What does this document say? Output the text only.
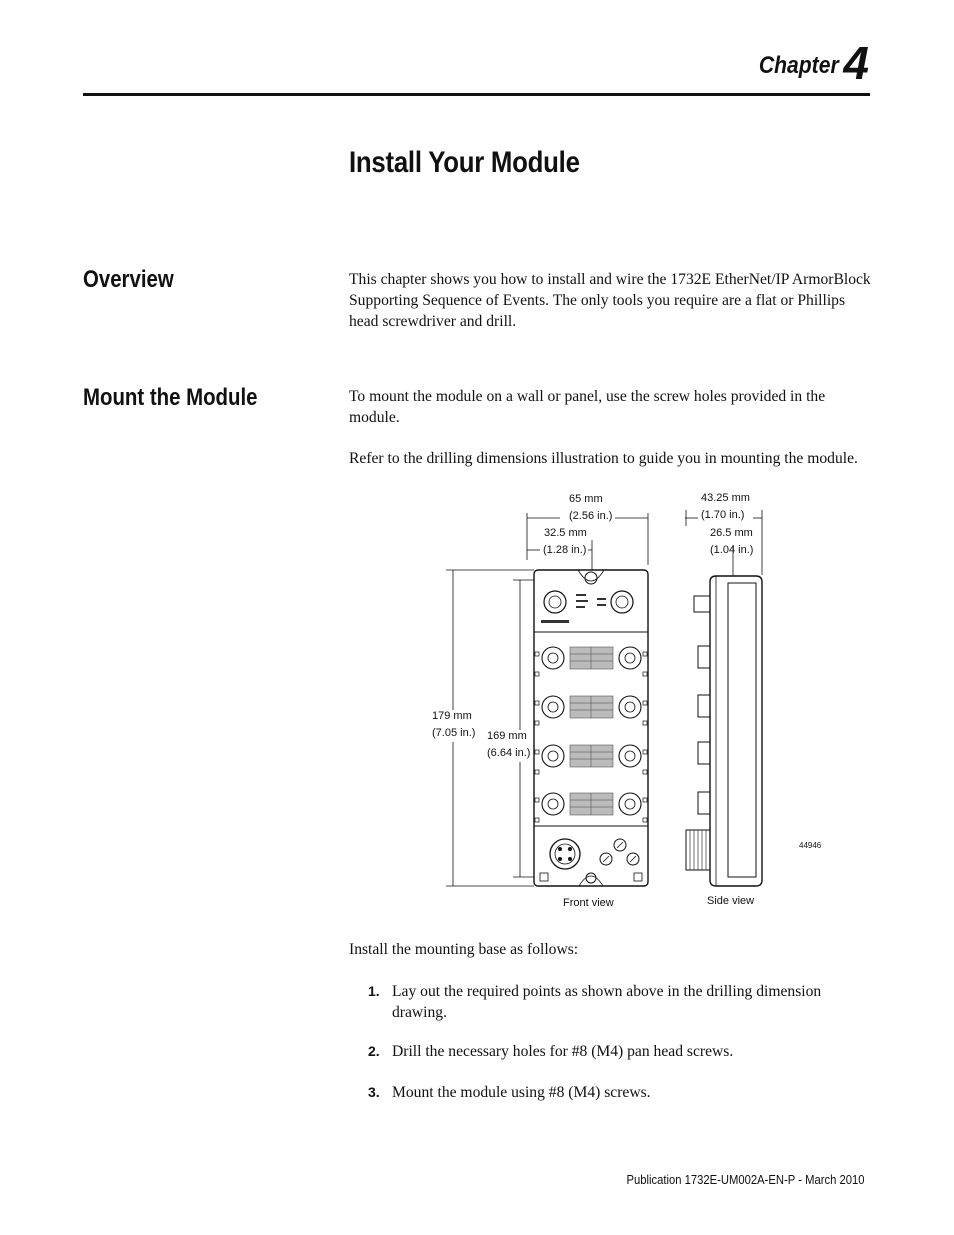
Chapter 4
Install Your Module
Overview	This chapter shows you how to install and wire the 1732E EtherNet/IP ArmorBlock Supporting Sequence of Events. The only tools you require are a flat or Phillips head screwdriver and drill.
Mount the Module	To mount the module on a wall or panel, use the screw holes provided in the module.
Refer to the drilling dimensions illustration to guide you in mounting the module.
65 mm
(2.56 in.)
32.5 mm
(1.28 in.)
43.25 mm
(1.70 in.)
26.5 mm
(1.04 in.)
179 mm
(7.05 in.) 169 mm
(6.64 in.)
Front view	Side view
44946
EtherNet/IP
Install the mounting base as follows:
1. Lay out the required points as shown above in the drilling dimension drawing.
2. Drill the necessary holes for #8 (M4) pan head screws.
3. Mount the module using #8 (M4) screws.
Publication 1732E-UM002A-EN-P - March 2010
